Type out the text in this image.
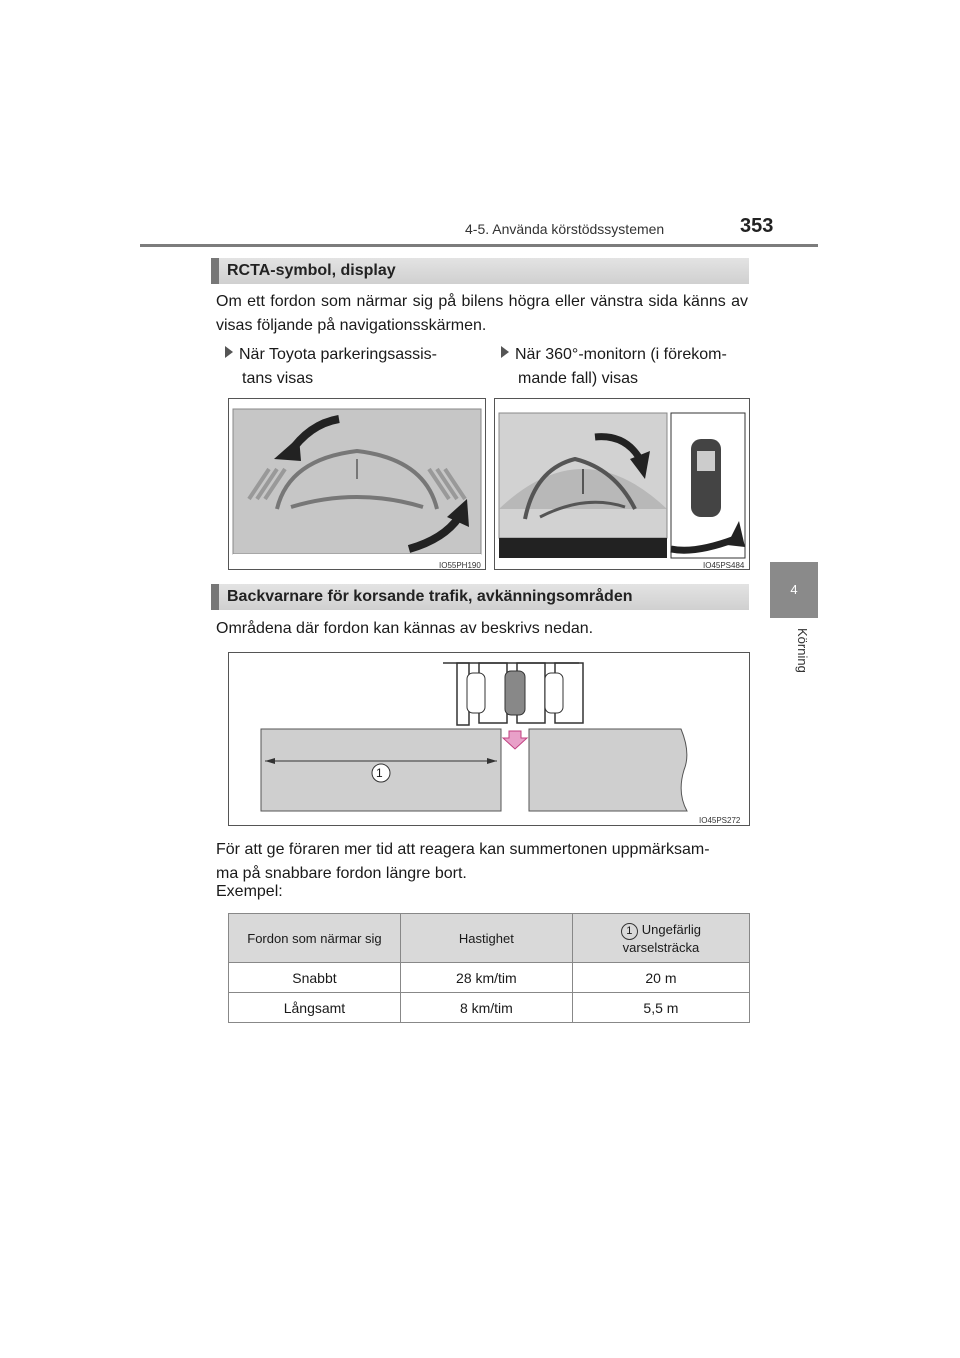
4-5. Använda körstödssystemen	353
4
Körning
RCTA-symbol, display
Om ett fordon som närmar sig på bilens högra eller vänstra sida känns av visas följande på navigationsskärmen.
När Toyota parkeringsassis-
tans visas
När 360°-monitorn (i förekom-
mande fall) visas
IO55PH190	IO45PS484
Backvarnare för korsande trafik, avkänningsområden
Områdena där fordon kan kännas av beskrivs nedan.
1
IO45PS272
För att ge föraren mer tid att reagera kan summertonen uppmärksam-
ma på snabbare fordon längre bort.
Exempel:
Fordon som närmar sig	Hastighet	1 Ungefärlig
varselsträcka
Snabbt	28 km/tim	20 m
Långsamt	8 km/tim	5,5 m
